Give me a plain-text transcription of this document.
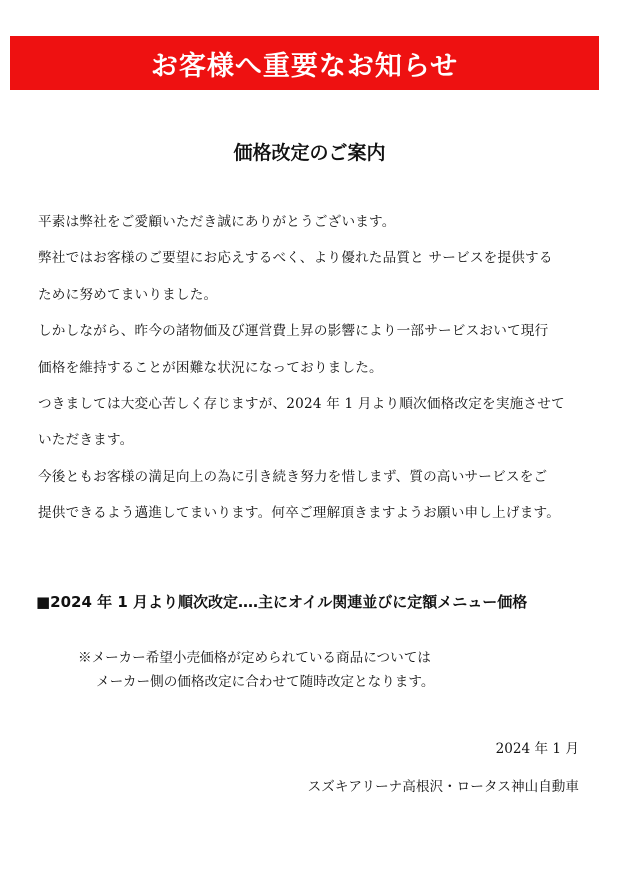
お客様へ重要なお知らせ
価格改定のご案内
平素は弊社をご愛顧いただき誠にありがとうございます。
弊社ではお客様のご要望にお応えするべく、より優れた品質と サービスを提供する
ために努めてまいりました。
しかしながら、昨今の諸物価及び運営費上昇の影響により一部サービスおいて現行
価格を維持することが困難な状況になっておりました。
つきましては大変心苦しく存じますが、2024 年 1 月より順次価格改定を実施させて
いただきます。
今後ともお客様の満足向上の為に引き続き努力を惜しまず、質の高いサービスをご
提供できるよう邁進してまいります。何卒ご理解頂きますようお願い申し上げます。
■2024 年 1 月より順次改定‥‥主にオイル関連並びに定額メニュー価格
※メーカー希望小売価格が定められている商品については
メーカー側の価格改定に合わせて随時改定となります。
2024 年 1 月
スズキアリーナ高根沢・ロータス神山自動車
